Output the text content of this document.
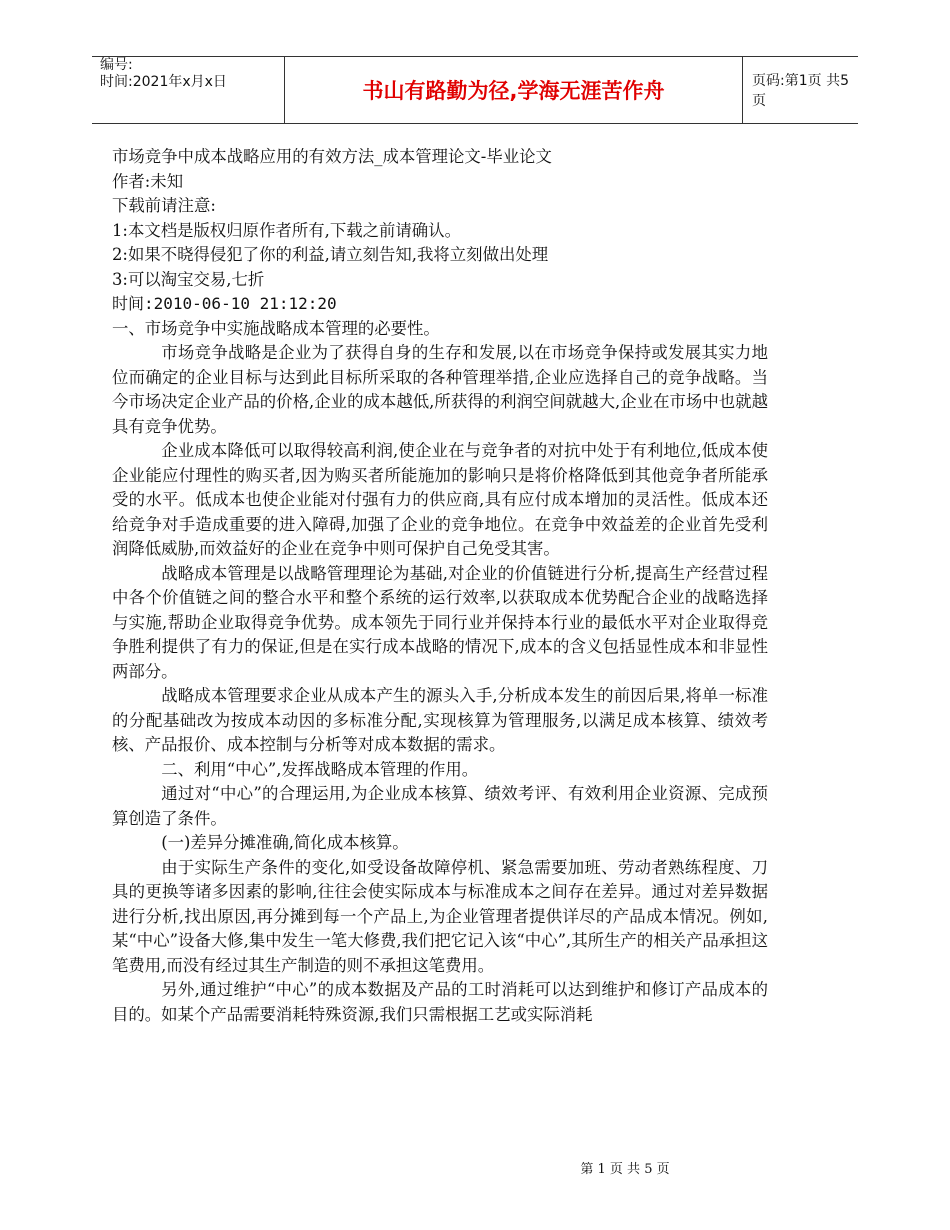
编号:
时间:2021年x月x日	书山有路勤为径,学海无涯苦作舟	页码:第1页 共5页
市场竞争中成本战略应用的有效方法_成本管理论文-毕业论文
作者:未知
下载前请注意:
1:本文档是版权归原作者所有,下载之前请确认。
2:如果不晓得侵犯了你的利益,请立刻告知,我将立刻做出处理
3:可以淘宝交易,七折
时间:2010-06-10 21:12:20
一、市场竞争中实施战略成本管理的必要性。

市场竞争战略是企业为了获得自身的生存和发展,以在市场竞争保持或发展其实力地位而确定的企业目标与达到此目标所采取的各种管理举措,企业应选择自己的竞争战略。当今市场决定企业产品的价格,企业的成本越低,所获得的利润空间就越大,企业在市场中也就越具有竞争优势。

企业成本降低可以取得较高利润,使企业在与竞争者的对抗中处于有利地位,低成本使企业能应付理性的购买者,因为购买者所能施加的影响只是将价格降低到其他竞争者所能承受的水平。低成本也使企业能对付强有力的供应商,具有应付成本增加的灵活性。低成本还给竞争对手造成重要的进入障碍,加强了企业的竞争地位。在竞争中效益差的企业首先受利润降低威胁,而效益好的企业在竞争中则可保护自己免受其害。

战略成本管理是以战略管理理论为基础,对企业的价值链进行分析,提高生产经营过程中各个价值链之间的整合水平和整个系统的运行效率,以获取成本优势配合企业的战略选择与实施,帮助企业取得竞争优势。成本领先于同行业并保持本行业的最低水平对企业取得竞争胜利提供了有力的保证,但是在实行成本战略的情况下,成本的含义包括显性成本和非显性两部分。

战略成本管理要求企业从成本产生的源头入手,分析成本发生的前因后果,将单一标准的分配基础改为按成本动因的多标准分配,实现核算为管理服务,以满足成本核算、绩效考核、产品报价、成本控制与分析等对成本数据的需求。

二、利用“中心”,发挥战略成本管理的作用。

通过对“中心”的合理运用,为企业成本核算、绩效考评、有效利用企业资源、完成预算创造了条件。

(一)差异分摊准确,简化成本核算。

由于实际生产条件的变化,如受设备故障停机、紧急需要加班、劳动者熟练程度、刀具的更换等诸多因素的影响,往往会使实际成本与标准成本之间存在差异。通过对差异数据进行分析,找出原因,再分摊到每一个产品上,为企业管理者提供详尽的产品成本情况。例如,某“中心”设备大修,集中发生一笔大修费,我们把它记入该“中心”,其所生产的相关产品承担这笔费用,而没有经过其生产制造的则不承担这笔费用。

另外,通过维护“中心”的成本数据及产品的工时消耗可以达到维护和修订产品成本的目的。如某个产品需要消耗特殊资源,我们只需根据工艺或实际消耗

第 1 页 共 5 页
